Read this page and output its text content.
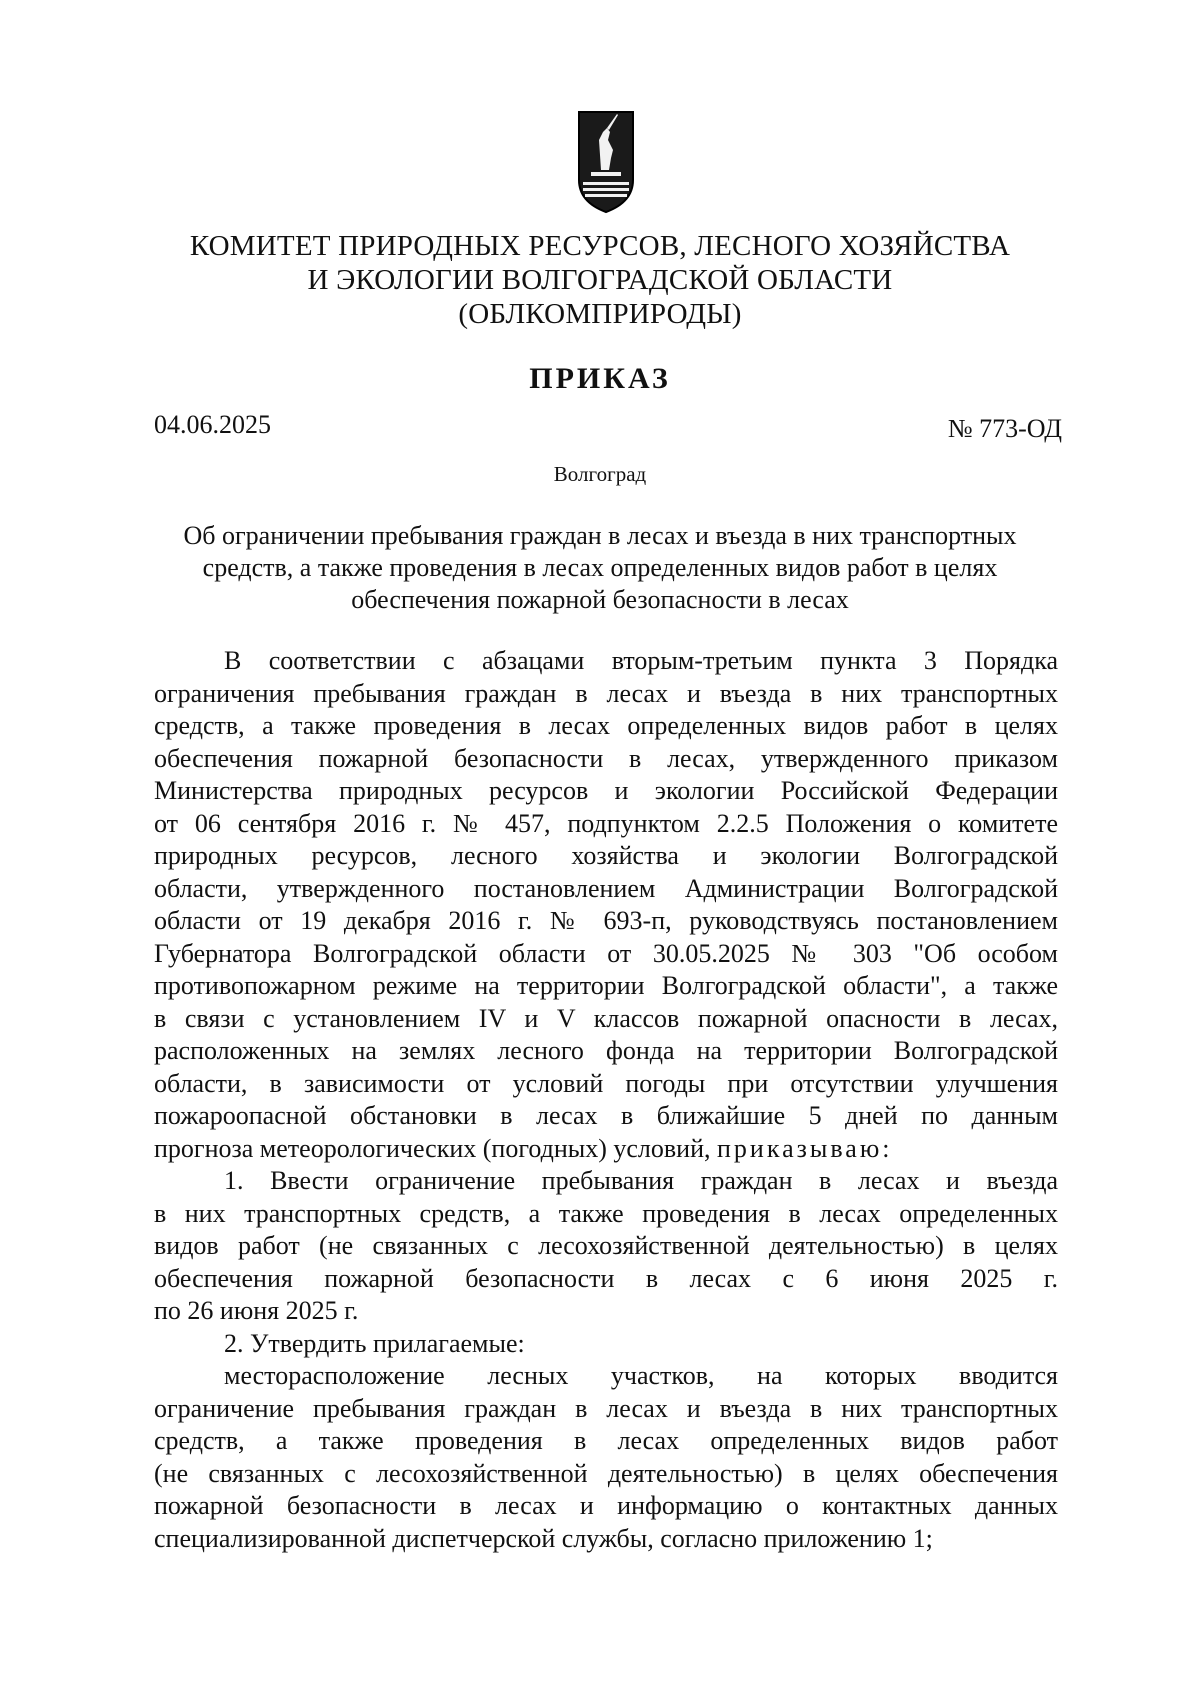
КОМИТЕТ ПРИРОДНЫХ РЕСУРСОВ, ЛЕСНОГО ХОЗЯЙСТВА
И ЭКОЛОГИИ ВОЛГОГРАДСКОЙ ОБЛАСТИ
(ОБЛКОМПРИРОДЫ)
ПРИКАЗ
04.06.2025	№ 773-ОД
Волгоград
Об ограничении пребывания граждан в лесах и въезда в них транспортных
средств, а также проведения в лесах определенных видов работ в целях
обеспечения пожарной безопасности в лесах
В соответствии с абзацами вторым-третьим пункта 3 Порядка
ограничения пребывания граждан в лесах и въезда в них транспортных
средств, а также проведения в лесах определенных видов работ в целях
обеспечения пожарной безопасности в лесах, утвержденного приказом
Министерства природных ресурсов и экологии Российской Федерации
от 06 сентября 2016 г. № 457, подпунктом 2.2.5 Положения о комитете
природных ресурсов, лесного хозяйства и экологии Волгоградской
области, утвержденного постановлением Администрации Волгоградской
области от 19 декабря 2016 г. № 693-п, руководствуясь постановлением
Губернатора Волгоградской области от 30.05.2025 № 303 "Об особом
противопожарном режиме на территории Волгоградской области", а также
в связи с установлением IV и V классов пожарной опасности в лесах,
расположенных на землях лесного фонда на территории Волгоградской
области, в зависимости от условий погоды при отсутствии улучшения
пожароопасной обстановки в лесах в ближайшие 5 дней по данным
прогноза метеорологических (погодных) условий, приказываю:
1. Ввести ограничение пребывания граждан в лесах и въезда
в них транспортных средств, а также проведения в лесах определенных
видов работ (не связанных с лесохозяйственной деятельностью) в целях
обеспечения пожарной безопасности в лесах с 6 июня 2025 г.
по 26 июня 2025 г.
2. Утвердить прилагаемые:
месторасположение лесных участков, на которых вводится
ограничение пребывания граждан в лесах и въезда в них транспортных
средств, а также проведения в лесах определенных видов работ
(не связанных с лесохозяйственной деятельностью) в целях обеспечения
пожарной безопасности в лесах и информацию о контактных данных
специализированной диспетчерской службы, согласно приложению 1;
